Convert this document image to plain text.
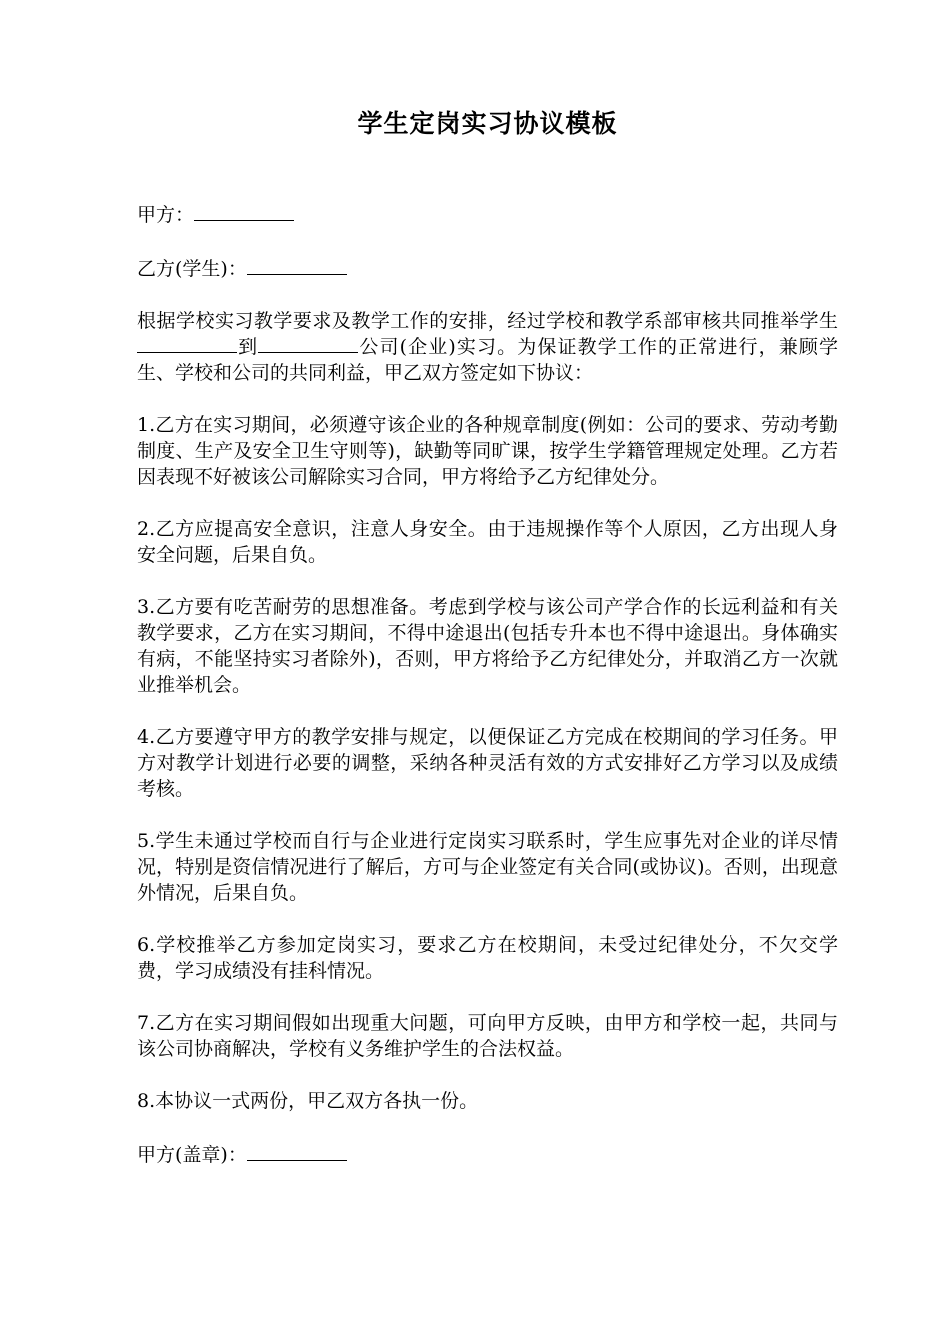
学生定岗实习协议模板
甲方：
乙方(学生)：
根据学校实习教学要求及教学工作的安排，经过学校和教学系部审核共同推举学生到	公司(企业)实习。为保证教学工作的正常进行，兼顾学生、学校和公司的共同利益，甲乙双方签定如下协议：
1.乙方在实习期间，必须遵守该企业的各种规章制度(例如：公司的要求、劳动考勤制度、生产及安全卫生守则等)，缺勤等同旷课，按学生学籍管理规定处理。乙方若因表现不好被该公司解除实习合同，甲方将给予乙方纪律处分。
2.乙方应提高安全意识，注意人身安全。由于违规操作等个人原因，乙方出现人身安全问题，后果自负。
3.乙方要有吃苦耐劳的思想准备。考虑到学校与该公司产学合作的长远利益和有关教学要求，乙方在实习期间，不得中途退出(包括专升本也不得中途退出。身体确实有病，不能坚持实习者除外)，否则，甲方将给予乙方纪律处分，并取消乙方一次就业推举机会。
4.乙方要遵守甲方的教学安排与规定，以便保证乙方完成在校期间的学习任务。甲方对教学计划进行必要的调整，采纳各种灵活有效的方式安排好乙方学习以及成绩考核。
5.学生未通过学校而自行与企业进行定岗实习联系时，学生应事先对企业的详尽情况，特别是资信情况进行了解后，方可与企业签定有关合同(或协议)。否则，出现意外情况，后果自负。
6.学校推举乙方参加定岗实习，要求乙方在校期间，未受过纪律处分，不欠交学费，学习成绩没有挂科情况。
7.乙方在实习期间假如出现重大问题，可向甲方反映，由甲方和学校一起，共同与该公司协商解决，学校有义务维护学生的合法权益。
8.本协议一式两份，甲乙双方各执一份。
甲方(盖章)：
